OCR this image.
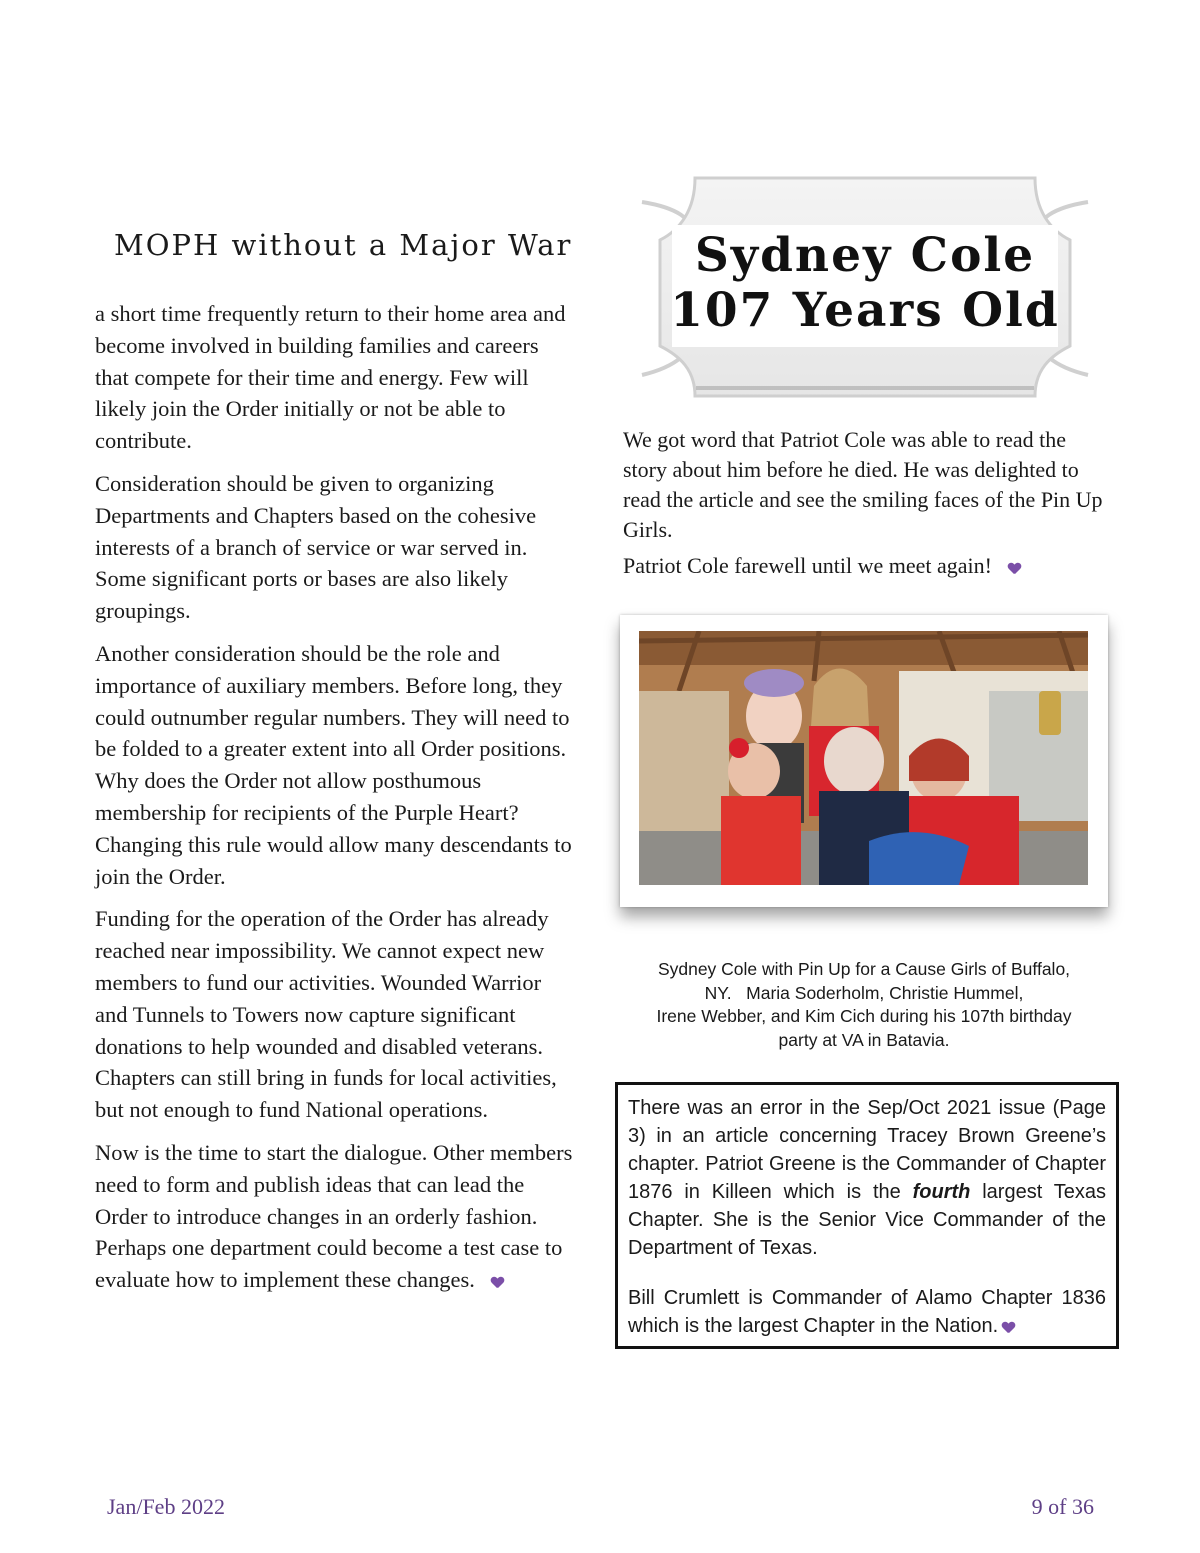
MOPH without a Major War

a short time frequently return to their home area and become involved in building families and careers that compete for their time and energy. Few will likely join the Order initially or not be able to contribute.

Consideration should be given to organizing Departments and Chapters based on the cohesive interests of a branch of service or war served in. Some significant ports or bases are also likely groupings.

Another consideration should be the role and importance of auxiliary members. Before long, they could outnumber regular numbers. They will need to be folded to a greater extent into all Order positions. Why does the Order not allow posthumous membership for recipients of the Purple Heart? Changing this rule would allow many descendants to join the Order.

Funding for the operation of the Order has already reached near impossibility. We cannot expect new members to fund our activities. Wounded Warrior and Tunnels to Towers now capture significant donations to help wounded and disabled veterans. Chapters can still bring in funds for local activities, but not enough to fund National operations.

Now is the time to start the dialogue. Other members need to form and publish ideas that can lead the Order to introduce changes in an orderly fashion. Perhaps one department could become a test case to evaluate how to implement these changes.

Sydney Cole
107 Years Old

We got word that Patriot Cole was able to read the story about him before he died. He was delighted to read the article and see the smiling faces of the Pin Up Girls.

Patriot Cole farewell until we meet again!

Sydney Cole with Pin Up for a Cause Girls of Buffalo,
NY.   Maria Soderholm, Christie Hummel,
Irene Webber, and Kim Cich during his 107th birthday
party at VA in Batavia.

There was an error in the Sep/Oct 2021 issue (Page 3) in an article concerning Tracey Brown Greene’s chapter. Patriot Greene is the Commander of Chapter 1876 in Killeen which is the fourth largest Texas Chapter. She is the Senior Vice Commander of the Department of Texas.

Bill Crumlett is Commander of Alamo Chapter 1836 which is the largest Chapter in the Nation.

Jan/Feb 2022	9 of 36
